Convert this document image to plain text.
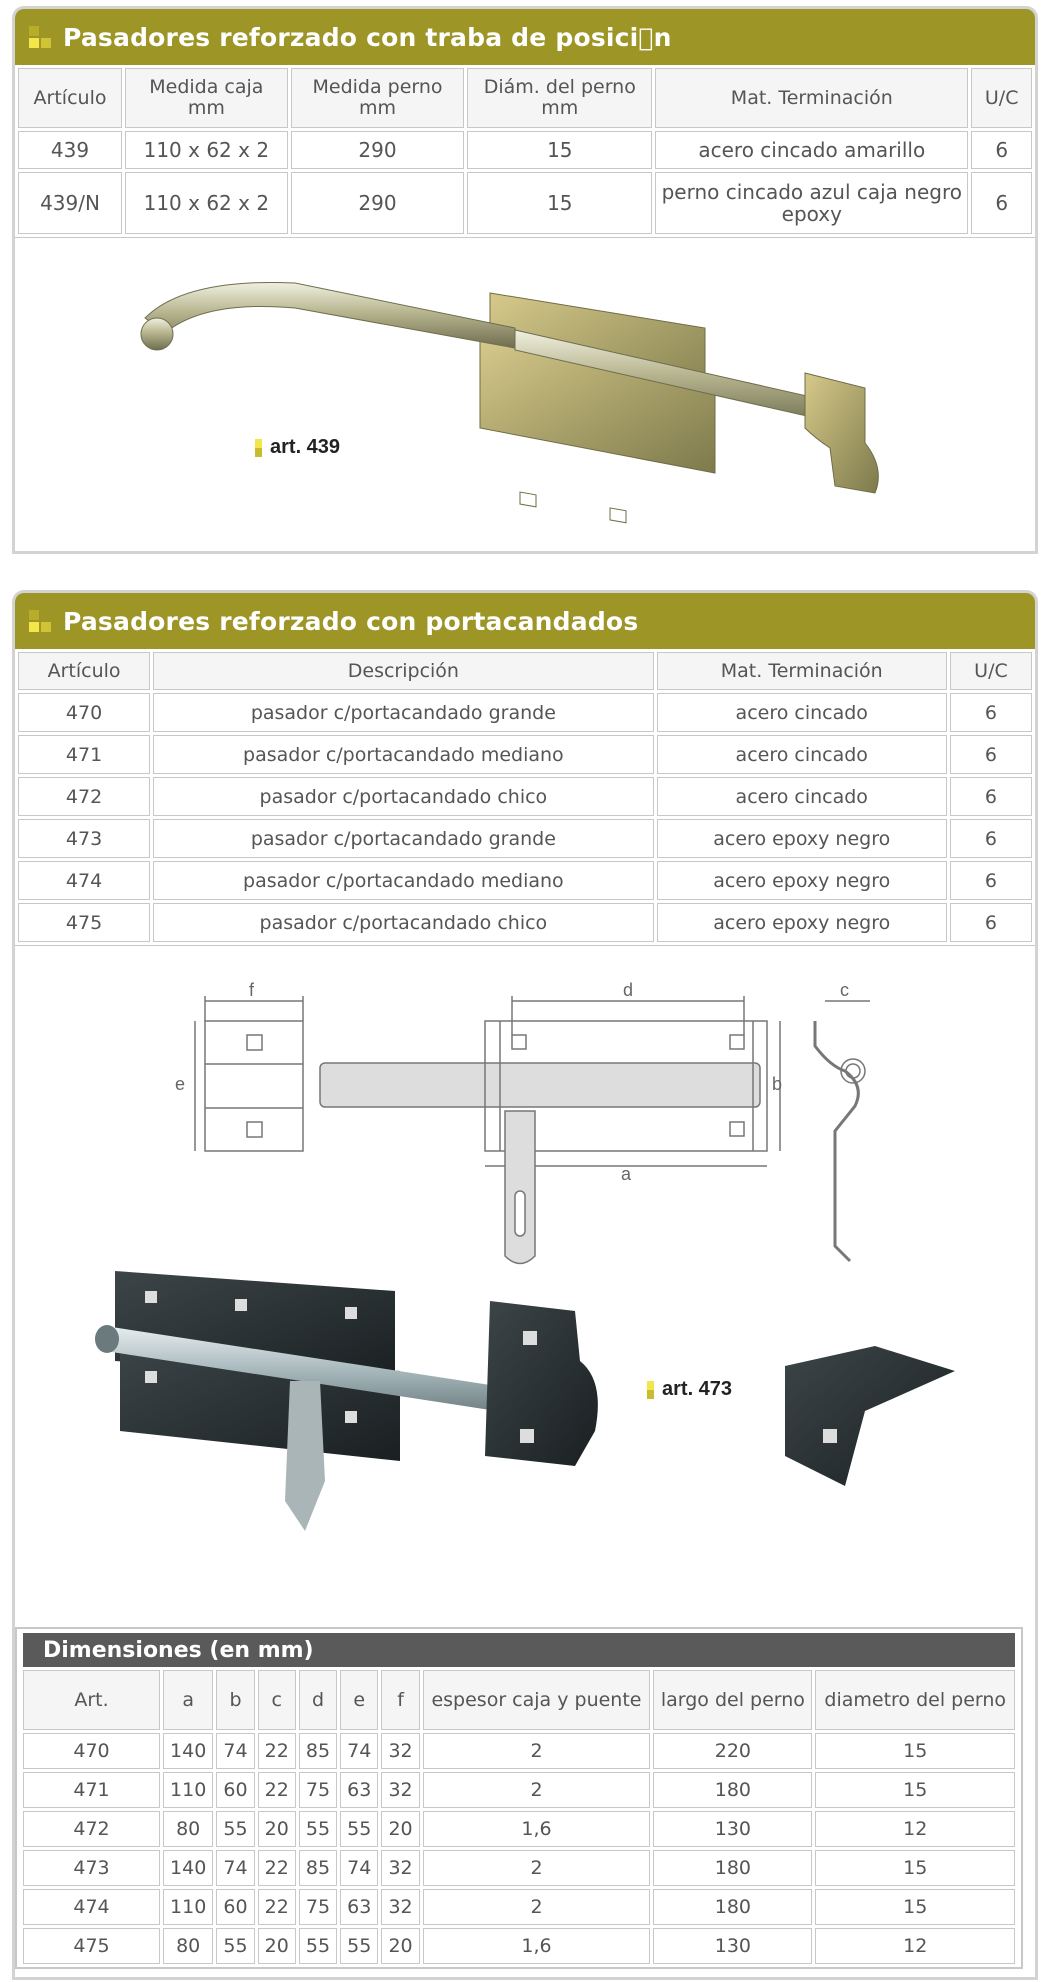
Pasadores reforzado con traba de posici n
Artículo	Medida caja mm	Medida perno mm	Diám. del perno mm	Mat. Terminación	U/C
439	110 x 62 x 2	290	15	acero cincado amarillo	6
439/N	110 x 62 x 2	290	15	perno cincado azul caja negro epoxy	6
art. 439
Pasadores reforzado con portacandados
Artículo	Descripción	Mat. Terminación	U/C
470	pasador c/portacandado grande	acero cincado	6
471	pasador c/portacandado mediano	acero cincado	6
472	pasador c/portacandado chico	acero cincado	6
473	pasador c/portacandado grande	acero epoxy negro	6
474	pasador c/portacandado mediano	acero epoxy negro	6
475	pasador c/portacandado chico	acero epoxy negro	6
f
e
d
b
a
c
art. 473
Dimensiones (en mm)
Art.	a	b	c	d	e	f	espesor caja y puente	largo del perno	diametro del perno
470	140	74	22	85	74	32	2	220	15
471	110	60	22	75	63	32	2	180	15
472	80	55	20	55	55	20	1,6	130	12
473	140	74	22	85	74	32	2	180	15
474	110	60	22	75	63	32	2	180	15
475	80	55	20	55	55	20	1,6	130	12
